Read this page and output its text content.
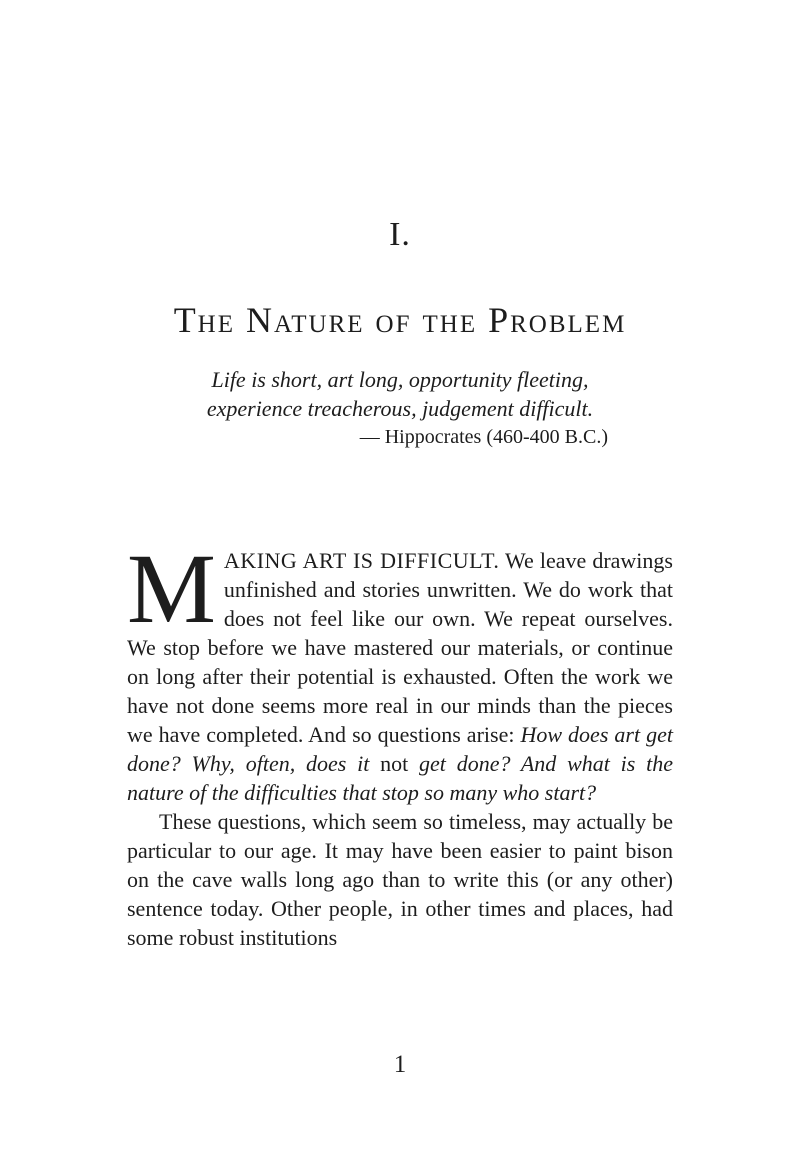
I.
The Nature of the Problem
Life is short, art long, opportunity fleeting,
experience treacherous, judgement difficult.
— Hippocrates (460-400 B.C.)

MAKING ART IS DIFFICULT. We leave drawings unfinished and stories unwritten. We do work that does not feel like our own. We repeat ourselves. We stop before we have mastered our materials, or continue on long after their potential is exhausted. Often the work we have not done seems more real in our minds than the pieces we have completed. And so questions arise: How does art get done? Why, often, does it not get done? And what is the nature of the difficulties that stop so many who start?

These questions, which seem so timeless, may actually be particular to our age. It may have been easier to paint bison on the cave walls long ago than to write this (or any other) sentence today. Other people, in other times and places, had some robust institutions

1
